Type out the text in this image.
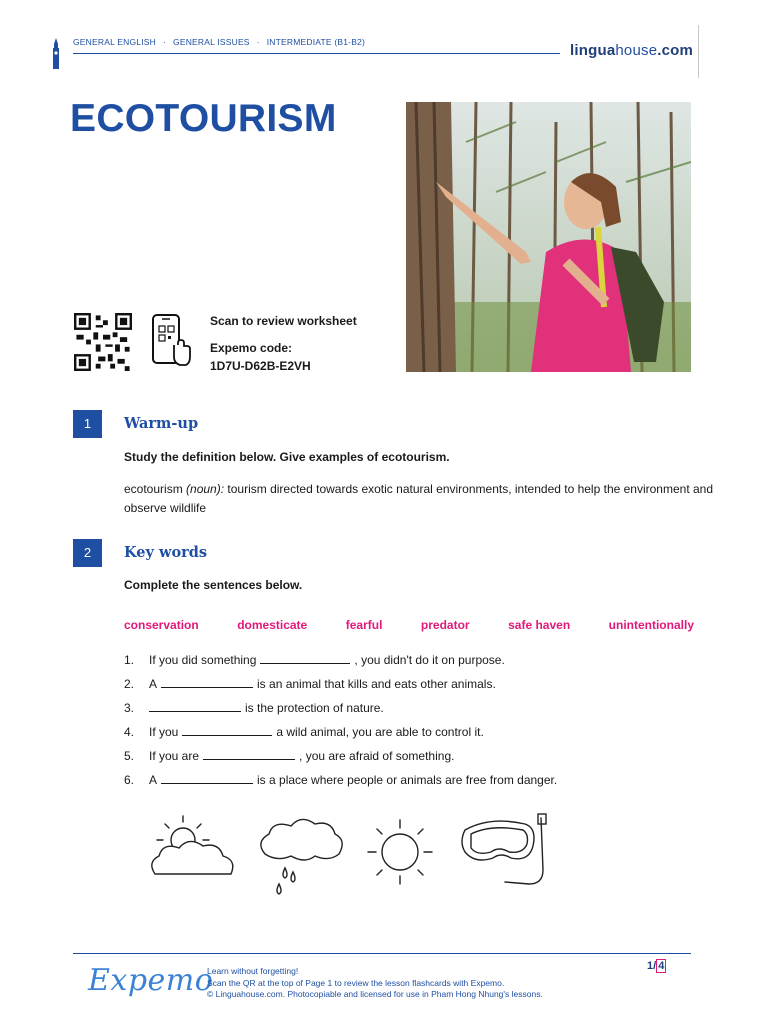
GENERAL ENGLISH · GENERAL ISSUES · INTERMEDIATE (B1-B2)	linguahouse.com
ECOTOURISM
Scan to review worksheet
Expemo code:
1D7U-D62B-E2VH
1	Warm-up
Study the definition below. Give examples of ecotourism.
ecotourism (noun): tourism directed towards exotic natural environments, intended to help the environment and observe wildlife
2	Key words
Complete the sentences below.
conservation	domesticate	fearful	predator	safe haven	unintentionally
1.	If you did something	, you didn't do it on purpose.
2.	A	is an animal that kills and eats other animals.
3.	is the protection of nature.
4.	If you	a wild animal, you are able to control it.
5.	If you are	, you are afraid of something.
6.	A	is a place where people or animals are free from danger.
Expemo
Learn without forgetting!
Scan the QR at the top of Page 1 to review the lesson flashcards with Expemo.
© Linguahouse.com. Photocopiable and licensed for use in Pham Hong Nhung's lessons.
1/ 4
